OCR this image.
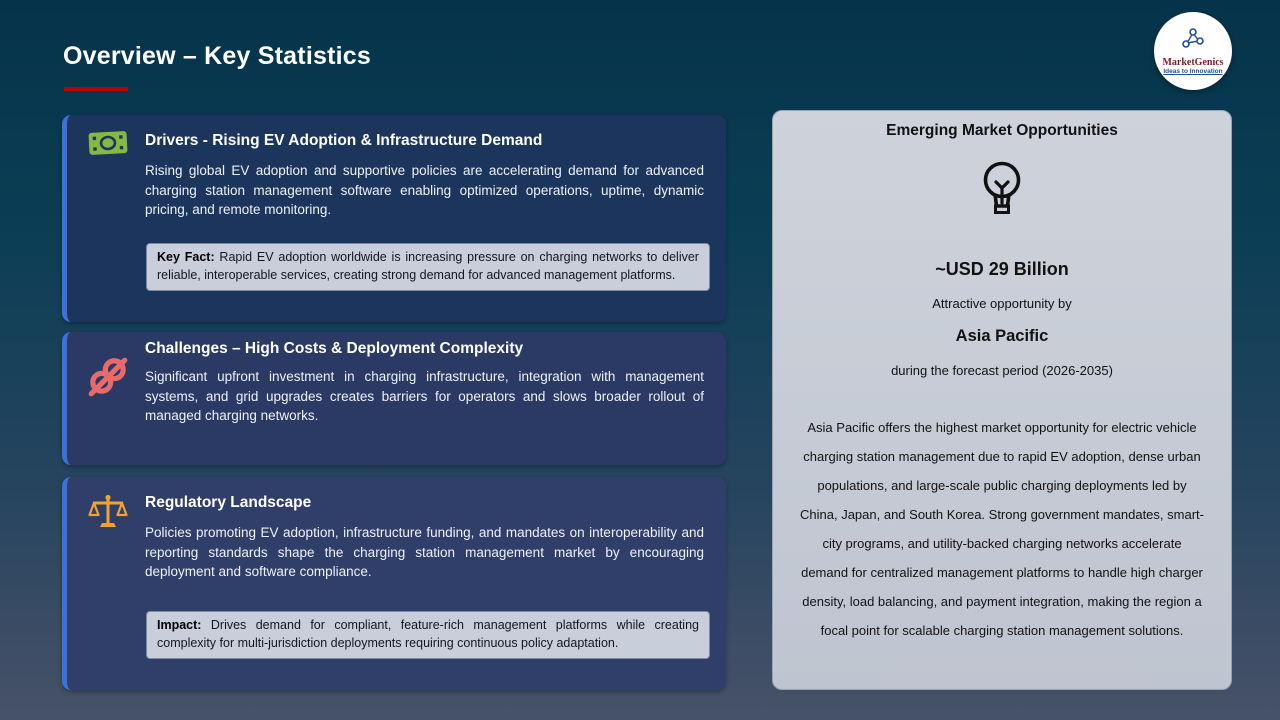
Overview – Key Statistics	MarketGenics
Ideas to Innovation
Drivers - Rising EV Adoption & Infrastructure Demand
Rising global EV adoption and supportive policies are accelerating demand for advanced charging station management software enabling optimized operations, uptime, dynamic pricing, and remote monitoring.
Key Fact: Rapid EV adoption worldwide is increasing pressure on charging networks to deliver reliable, interoperable services, creating strong demand for advanced management platforms.
Challenges – High Costs & Deployment Complexity
Significant upfront investment in charging infrastructure, integration with management systems, and grid upgrades creates barriers for operators and slows broader rollout of managed charging networks.
Regulatory Landscape
Policies promoting EV adoption, infrastructure funding, and mandates on interoperability and reporting standards shape the charging station management market by encouraging deployment and software compliance.
Impact: Drives demand for compliant, feature-rich management platforms while creating complexity for multi-jurisdiction deployments requiring continuous policy adaptation.
Emerging Market Opportunities
~USD 29 Billion
Attractive opportunity by
Asia Pacific
during the forecast period (2026-2035)
Asia Pacific offers the highest market opportunity for electric vehicle charging station management due to rapid EV adoption, dense urban populations, and large-scale public charging deployments led by China, Japan, and South Korea. Strong government mandates, smart-city programs, and utility-backed charging networks accelerate demand for centralized management platforms to handle high charger density, load balancing, and payment integration, making the region a focal point for scalable charging station management solutions.
